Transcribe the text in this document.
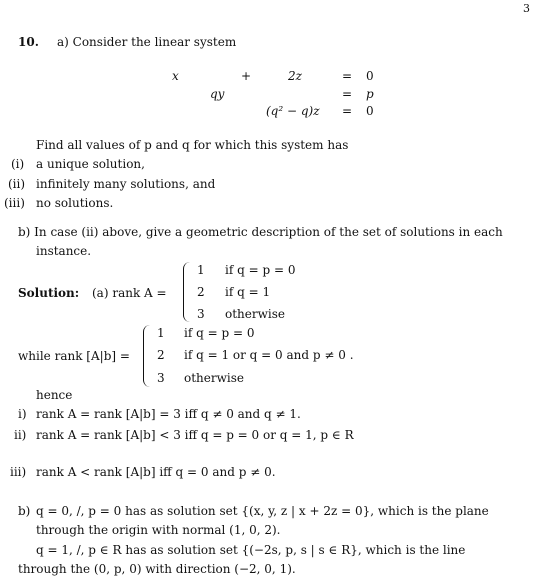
3
10. a) Consider the linear system
x	+	2z	= 0
qy	= p
(q² − q)z = 0
Find all values of p and q for which this system has
(i) a unique solution,
(ii) infinitely many solutions, and
(iii) no solutions.
b) In case (ii) above, give a geometric description of the set of solutions in each
instance.
Solution: (a) rank A =
1 if q = p = 0
2 if q = 1
3 otherwise
while rank [A|b] =
1 if q = p = 0
2 if q = 1 or q = 0 and p ≠ 0 .
3 otherwise
hence
i) rank A = rank [A|b] = 3 iff q ≠ 0 and q ≠ 1.
ii) rank A = rank [A|b] < 3 iff q = p = 0 or q = 1, p ∈ R
iii) rank A < rank [A|b] iff q = 0 and p ≠ 0.
b) q = 0, /, p = 0 has as solution set {(x, y, z | x + 2z = 0}, which is the plane
through the origin with normal (1, 0, 2).
q = 1, /, p ∈ R has as solution set {(−2s, p, s | s ∈ R}, which is the line
through the (0, p, 0) with direction (−2, 0, 1).
